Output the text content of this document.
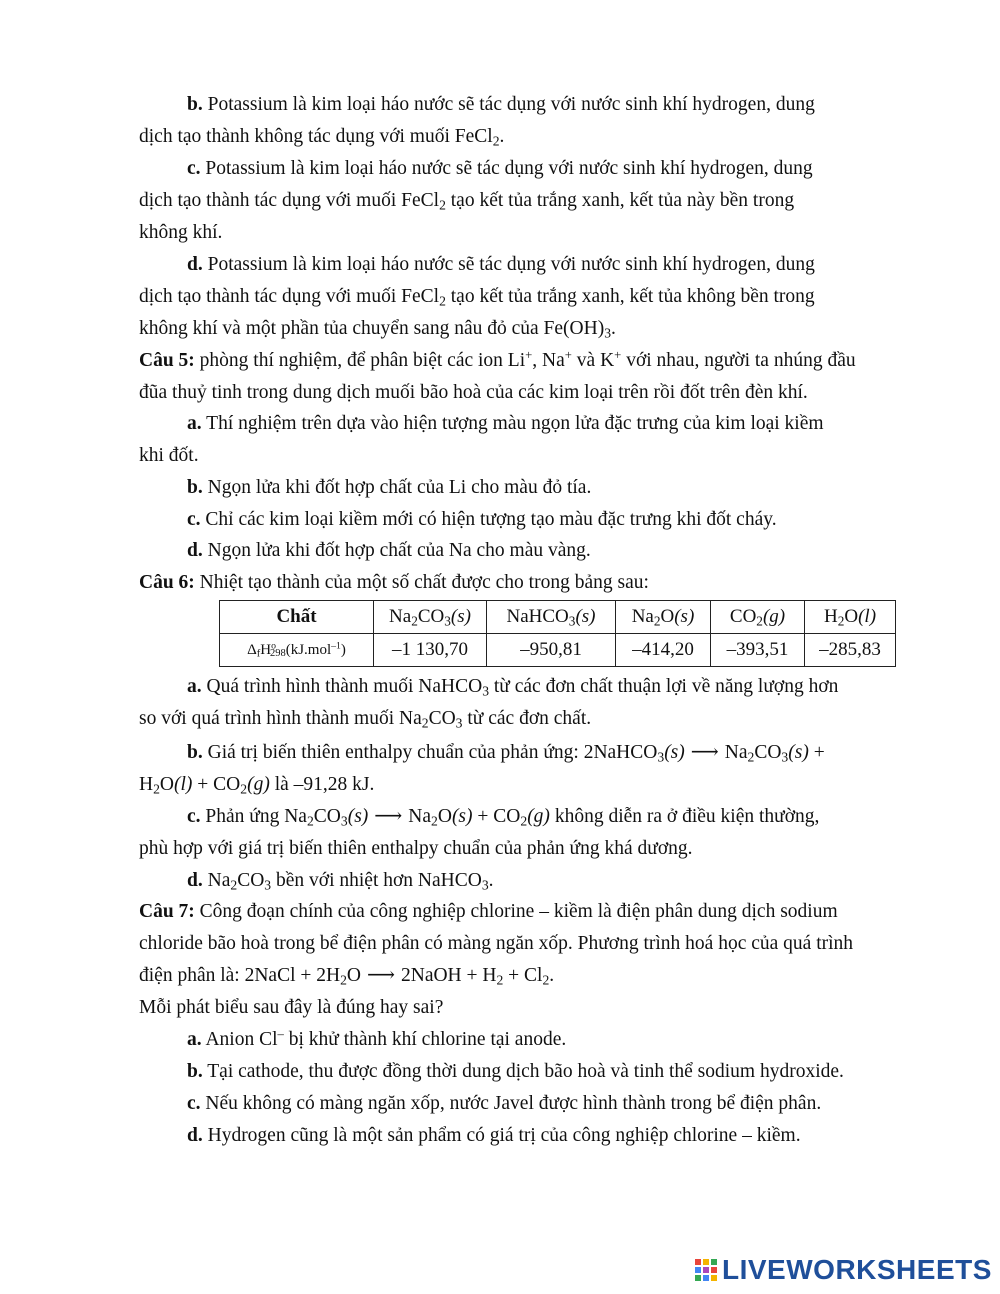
b. Potassium là kim loại háo nước sẽ tác dụng với nước sinh khí hydrogen, dung
dịch tạo thành không tác dụng với muối FeCl$_2$.
c. Potassium là kim loại háo nước sẽ tác dụng với nước sinh khí hydrogen, dung
dịch tạo thành tác dụng với muối FeCl$_2$ tạo kết tủa trắng xanh, kết tủa này bền trong
không khí.
d. Potassium là kim loại háo nước sẽ tác dụng với nước sinh khí hydrogen, dung
dịch tạo thành tác dụng với muối FeCl$_2$ tạo kết tủa trắng xanh, kết tủa không bền trong
không khí và một phần tủa chuyển sang nâu đỏ của $Fe(OH)_3$.
Câu 5: phòng thí nghiệm, để phân biệt các ion Li+, Na+ và K+ với nhau, người ta nhúng đầu
đũa thuỷ tinh trong dung dịch muối bão hoà của các kim loại trên rồi đốt trên đèn khí.
a. Thí nghiệm trên dựa vào hiện tượng màu ngọn lửa đặc trưng của kim loại kiềm
khi đốt.
b. Ngọn lửa khi đốt hợp chất của Li cho màu đỏ tía.
c. Chỉ các kim loại kiềm mới có hiện tượng tạo màu đặc trưng khi đốt cháy.
d. Ngọn lửa khi đốt hợp chất của Na cho màu vàng.
Câu 6: Nhiệt tạo thành của một số chất được cho trong bảng sau:
Chất	$Na_2CO_3(s)$	NaHCO$_3$(s)	$Na_2O(s)$	$CO_2(g)$	$H_2O(l)$
$\Delta_fH^o_{298}(kJ.mol^{-1})$	–1 130,70	–950,81	–414,20	–393,51	–285,83
a. Quá trình hình thành muối NaHCO$_3$ từ các đơn chất thuận lợi về năng lượng hơn
so với quá trình hình thành muối $Na_2CO_3$ từ các đơn chất.
b. Giá trị biến thiên enthalpy chuẩn của phản ứng: 2NaHCO$_3$(s) ⟶ $Na_2CO_3(s)$ +
$H_2O(l) + CO_2(g)$ là –91,28 kJ.
c. Phản ứng $Na_2CO_3(s)$ ⟶ $Na_2O(s) + CO_2(g)$ không diễn ra ở điều kiện thường,
phù hợp với giá trị biến thiên enthalpy chuẩn của phản ứng khá dương.
d. $Na_2CO_3$ bền với nhiệt hơn NaHCO$_3$.
Câu 7: Công đoạn chính của công nghiệp chlorine – kiềm là điện phân dung dịch sodium
chloride bão hoà trong bể điện phân có màng ngăn xốp. Phương trình hoá học của quá trình
điện phân là: 2NaCl + $2H_2O$ ⟶ 2NaOH + $H_2 + Cl_2$.
Mỗi phát biểu sau đây là đúng hay sai?
a. Anion Cl– bị khử thành khí chlorine tại anode.
b. Tại cathode, thu được đồng thời dung dịch bão hoà và tinh thể sodium hydroxide.
c. Nếu không có màng ngăn xốp, nước Javel được hình thành trong bể điện phân.
d. Hydrogen cũng là một sản phẩm có giá trị của công nghiệp chlorine – kiềm.
LIVEWORKSHEETS
